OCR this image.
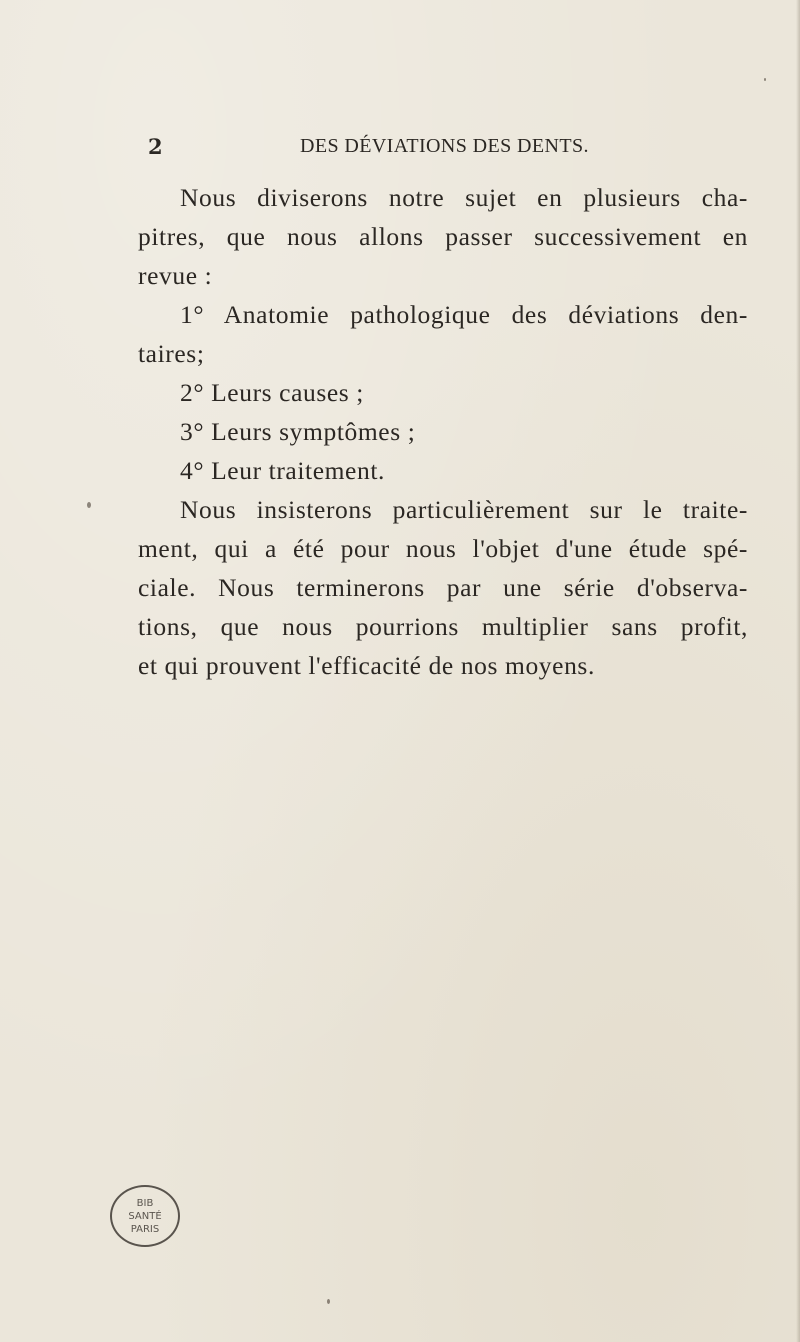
2	DES DÉVIATIONS DES DENTS.
Nous diviserons notre sujet en plusieurs cha-
pitres, que nous allons passer successivement en
revue :
1° Anatomie pathologique des déviations den-
taires;
2° Leurs causes ;
3° Leurs symptômes ;
4° Leur traitement.
Nous insisterons particulièrement sur le traite-
ment, qui a été pour nous l'objet d'une étude spé-
ciale. Nous terminerons par une série d'observa-
tions, que nous pourrions multiplier sans profit,
et qui prouvent l'efficacité de nos moyens.
BIB
SANTÉ
PARIS
